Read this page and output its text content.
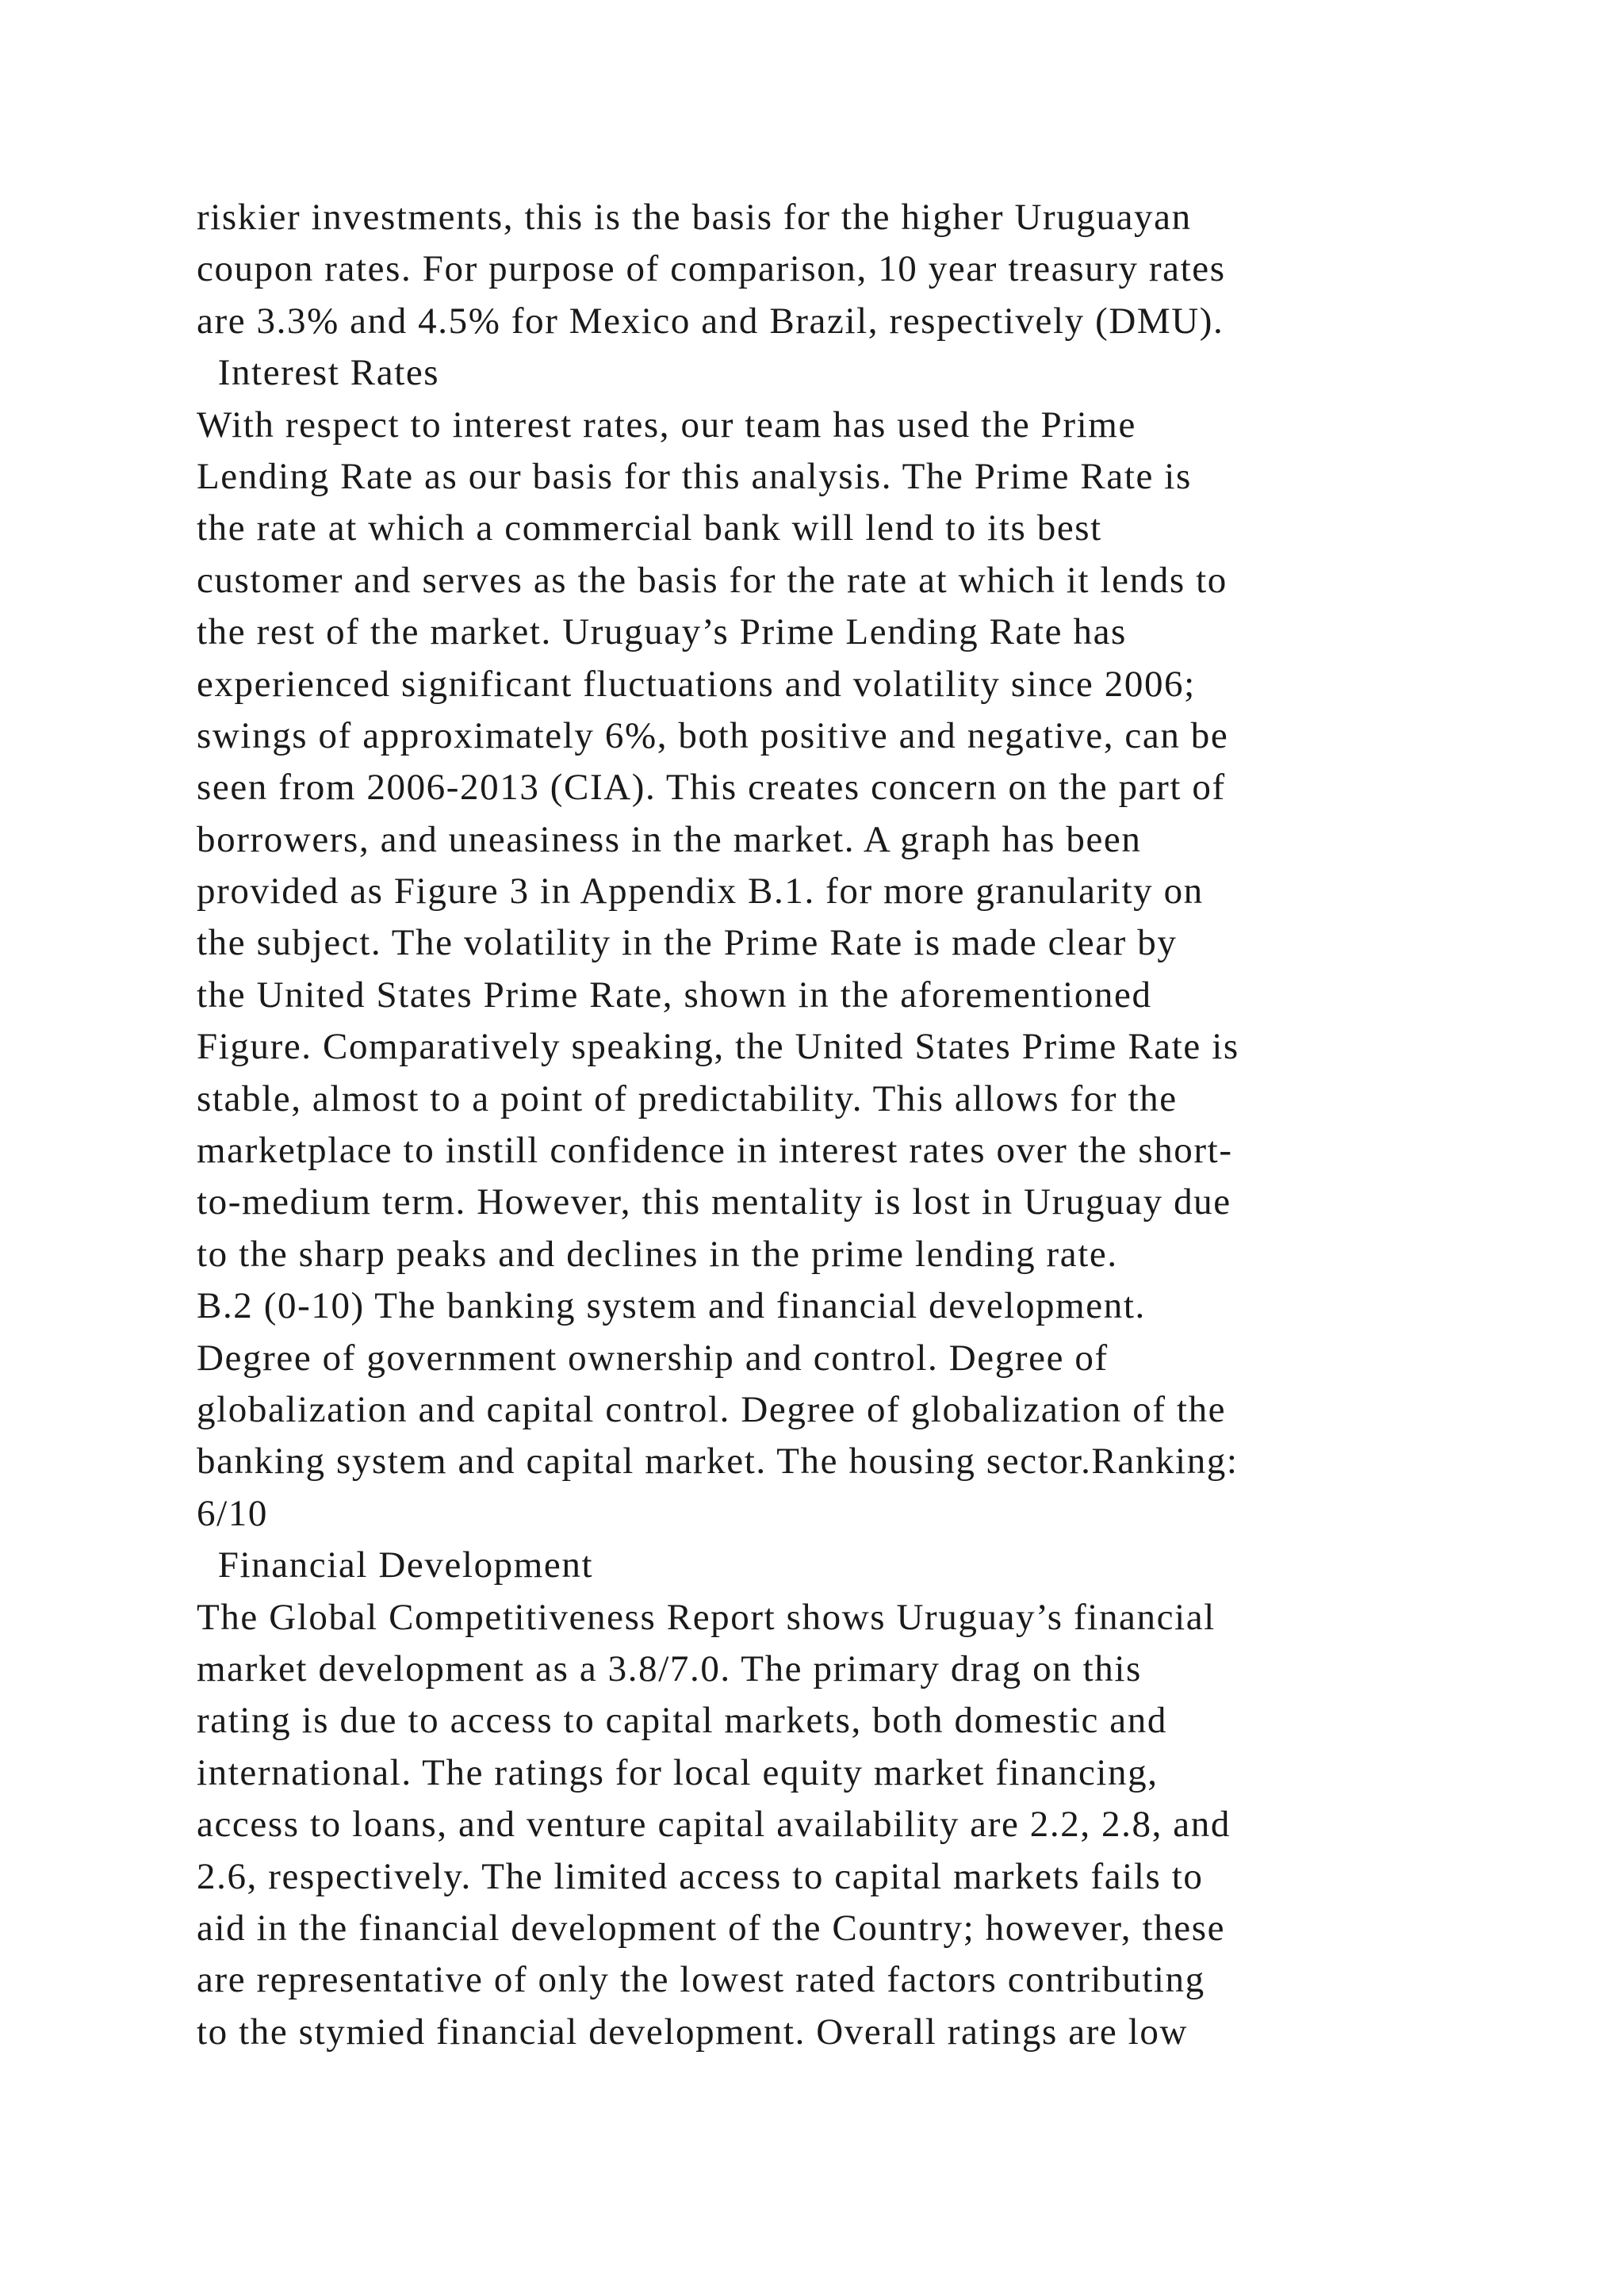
riskier investments, this is the basis for the higher Uruguayan
coupon rates. For purpose of comparison, 10 year treasury rates
are 3.3% and 4.5% for Mexico and Brazil, respectively (DMU).
Interest Rates
With respect to interest rates, our team has used the Prime
Lending Rate as our basis for this analysis. The Prime Rate is
the rate at which a commercial bank will lend to its best
customer and serves as the basis for the rate at which it lends to
the rest of the market. Uruguay’s Prime Lending Rate has
experienced significant fluctuations and volatility since 2006;
swings of approximately 6%, both positive and negative, can be
seen from 2006-2013 (CIA). This creates concern on the part of
borrowers, and uneasiness in the market. A graph has been
provided as Figure 3 in Appendix B.1. for more granularity on
the subject. The volatility in the Prime Rate is made clear by
the United States Prime Rate, shown in the aforementioned
Figure. Comparatively speaking, the United States Prime Rate is
stable, almost to a point of predictability. This allows for the
marketplace to instill confidence in interest rates over the short-
to-medium term. However, this mentality is lost in Uruguay due
to the sharp peaks and declines in the prime lending rate.
B.2 (0-10) The banking system and financial development.
Degree of government ownership and control. Degree of
globalization and capital control. Degree of globalization of the
banking system and capital market. The housing sector.Ranking:
6/10
Financial Development
The Global Competitiveness Report shows Uruguay’s financial
market development as a 3.8/7.0. The primary drag on this
rating is due to access to capital markets, both domestic and
international. The ratings for local equity market financing,
access to loans, and venture capital availability are 2.2, 2.8, and
2.6, respectively. The limited access to capital markets fails to
aid in the financial development of the Country; however, these
are representative of only the lowest rated factors contributing
to the stymied financial development. Overall ratings are low
